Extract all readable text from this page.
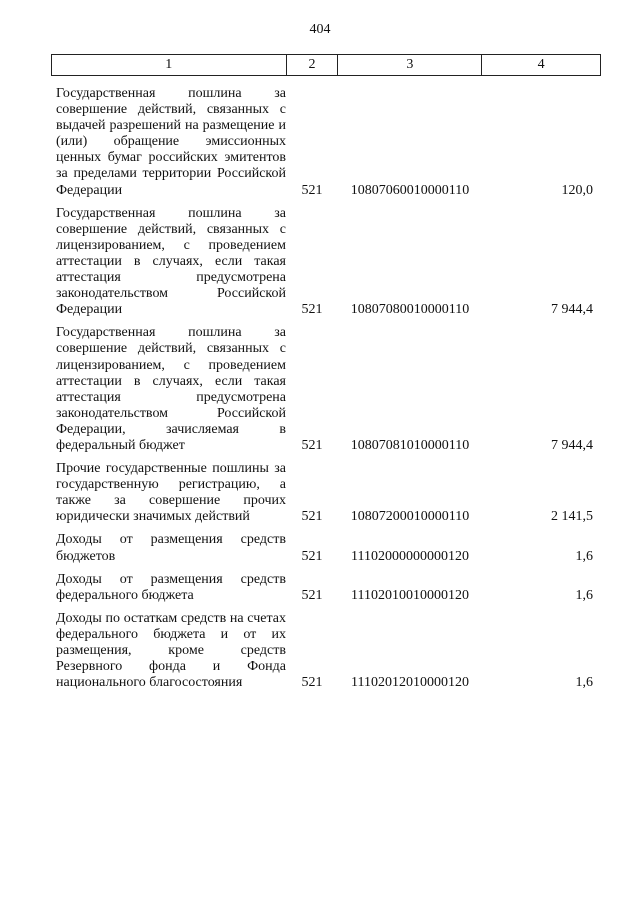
404
1	2	3	4
Государственная пошлина за совершение действий, связанных с выдачей разрешений на размещение и (или) обращение эмиссионных ценных бумаг российских эмитентов за пределами территории Российской Федерации	521	10807060010000110	120,0
Государственная пошлина за совершение действий, связанных с лицензированием, с проведением аттестации в случаях, если такая аттестация предусмотрена законодательством Российской Федерации	521	10807080010000110	7 944,4
Государственная пошлина за совершение действий, связанных с лицензированием, с проведением аттестации в случаях, если такая аттестация предусмотрена законодательством Российской Федерации, зачисляемая в федеральный бюджет	521	10807081010000110	7 944,4
Прочие государственные пошлины за государственную регистрацию, а также за совершение прочих юридически значимых действий	521	10807200010000110	2 141,5
Доходы от размещения средств бюджетов	521	11102000000000120	1,6
Доходы от размещения средств федерального бюджета	521	11102010010000120	1,6
Доходы по остаткам средств на счетах федерального бюджета и от их размещения, кроме средств Резервного фонда и Фонда национального благосостояния	521	11102012010000120	1,6
